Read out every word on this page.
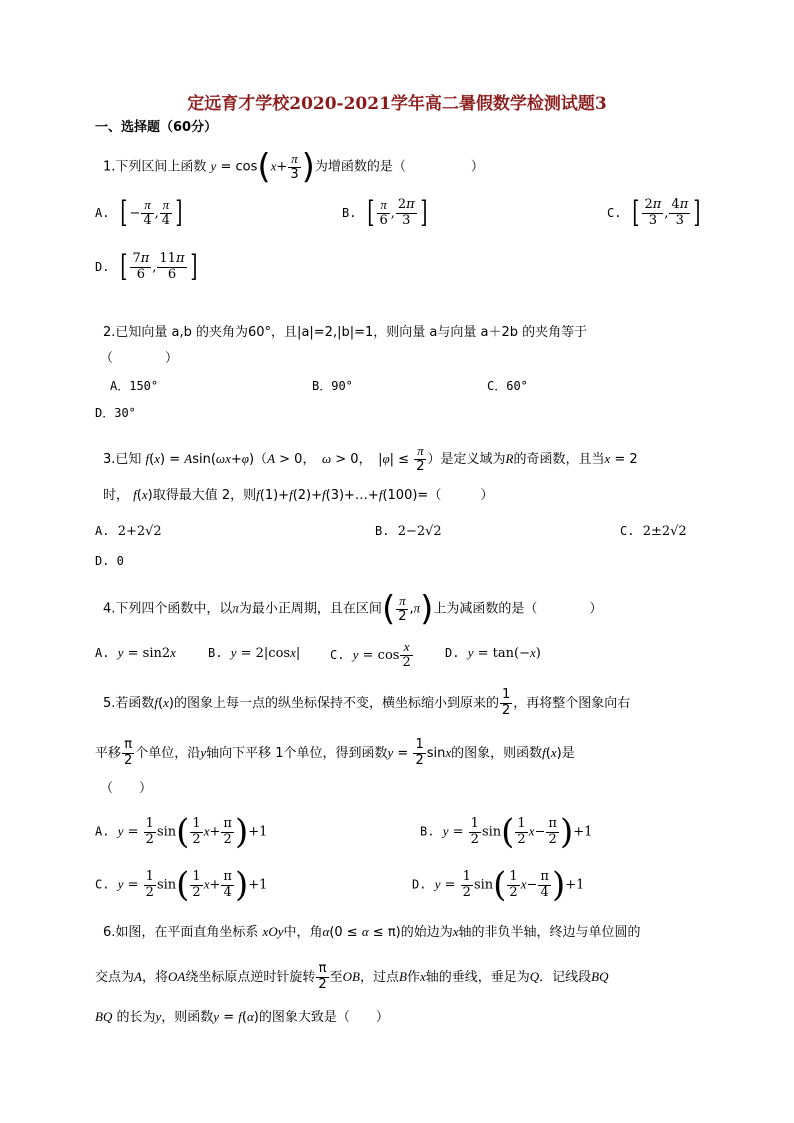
定远育才学校2020-2021学年高二暑假数学检测试题3
一、选择题（60分）
1.下列区间上函数 $y = \cos(x+ \frac{\pi}{3}$ )为增函数的是（　　　　　）
A. [ − $\frac{\pi}{4}$ , $\frac{\pi}{4}$ ]	B. [ $\frac{\pi}{6}$ , $\frac{2\pi}{3}$ ]	C. [ $\frac{2\pi}{3}$ , $\frac{4\pi}{3}$ ]
D. [ $\frac{7\pi}{6}$ , $\frac{11\pi}{6}$ ]
2.已知向量 a,b 的夹角为60°，且|a|=2,|b|=1，则向量 a与向量 a＋2b 的夹角等于
（　　　　）
A．150°	B．90°	C．60°
D．30°
3.已知 f(x) = Asin(ωx+φ)（A > 0，　ω > 0，　$|\varphi| \le \frac{\pi}{2}$ ）是定义域为R的奇函数，且当x = 2
时， f(x)取得最大值 2，则f(1)+f(2)+f(3)+…+f(100)=（　　　）
A.  2+2√2	B.  2−2√2	C.  2±2√2
D. 0
4.下列四个函数中，以π为最小正周期，且在区间( $\frac{\pi}{2} ,\pi$)上为减函数的是（　　　　）
A. y = sin2x	B. y = 2|cosx| C. $y = \cos \frac{x}{2}$	D. y = tan(−x)
5.若函数f(x)的图象上每一点的纵坐标保持不变，横坐标缩小到原来的 $\frac{1}{2}$ ，再将整个图象向右
平移 $\frac{\pi}{2}$ 个单位，沿y轴向下平移 1个单位，得到函数$y = \frac{1}{2}$ sinx的图象，则函数f(x)是
（　　）
A. $y = \frac{1}{2} \sin( \frac{1}{2} x+ \frac{\pi}{2} )+1$	B. $y = \frac{1}{2} \sin( \frac{1}{2} x- \frac{\pi}{2} )+1$
C. $y = \frac{1}{2} \sin( \frac{1}{2} x+ \frac{\pi}{4} )+1$	D. $y = \frac{1}{2} \sin( \frac{1}{2} x- \frac{\pi}{4} )+1$
6.如图，在平面直角坐标系 xOy中，角α(0 ≤ α ≤ π)的始边为x轴的非负半轴，终边与单位圆的
交点为A，将OA绕坐标原点逆时针旋转 $\frac{\pi}{2}$ 至OB，过点B作x轴的垂线，垂足为Q．记线段BQ
BQ 的长为y，则函数y = f(α)的图象大致是（　　）
